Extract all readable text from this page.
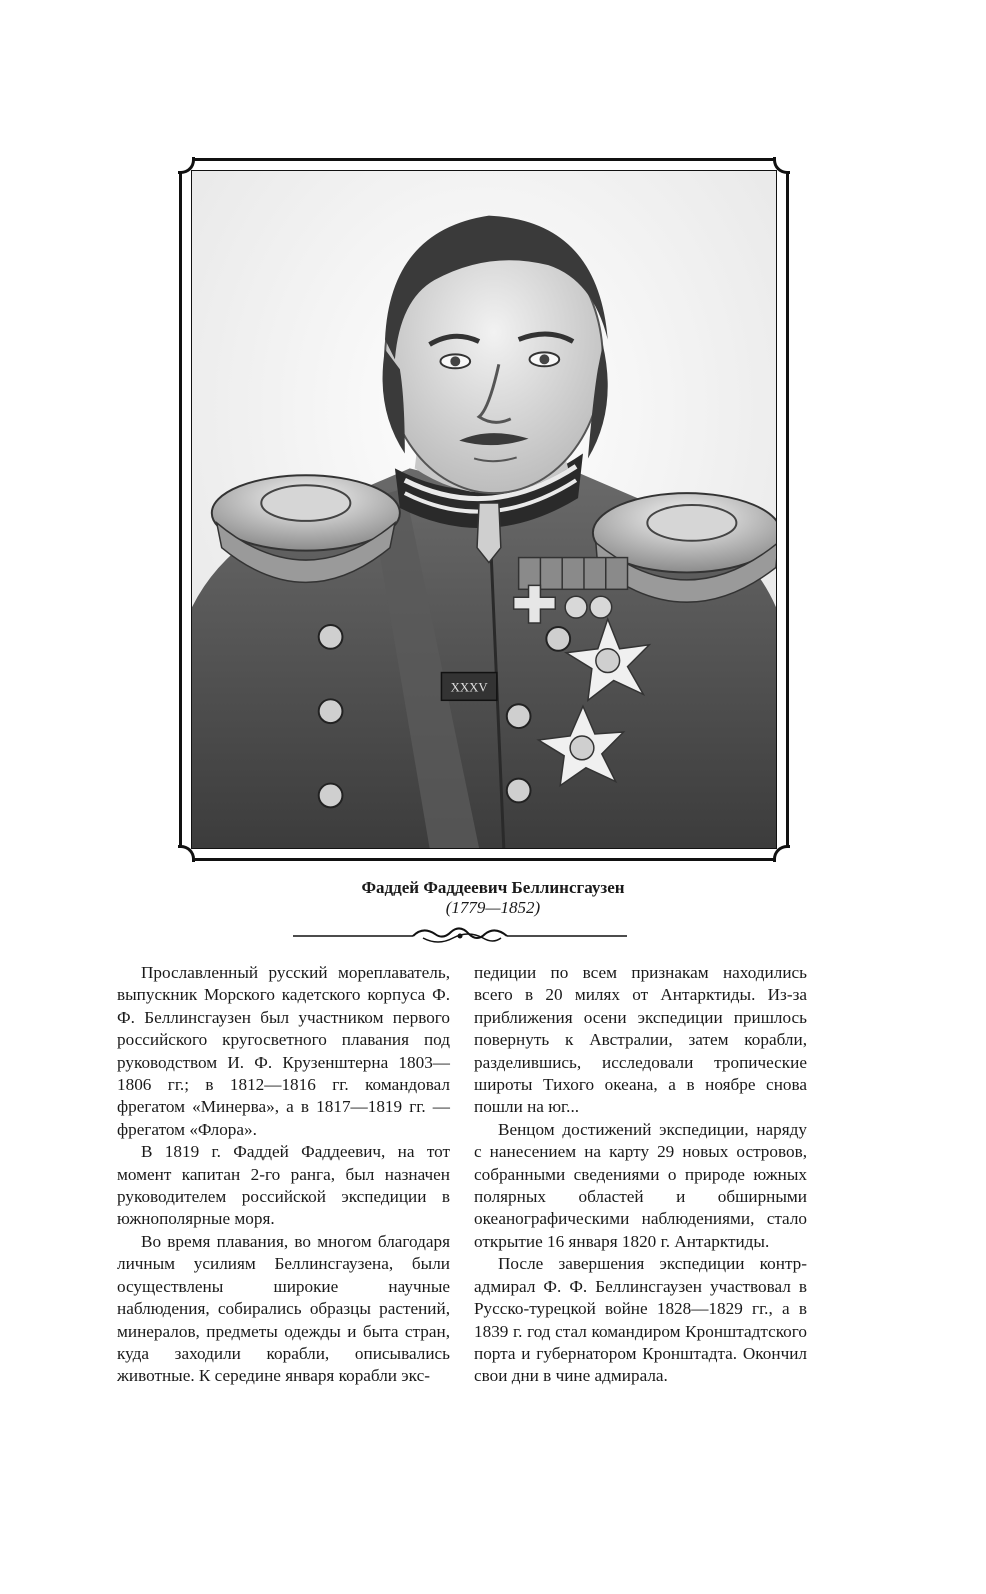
XXXV
Фаддей Фаддеевич Беллинсгаузен
(1779—1852)

Прославленный русский мореплаватель, выпускник Морского кадетского корпуса Ф. Ф. Беллинсгаузен был участником первого российского кругосветного плавания под руководством И. Ф. Крузенштерна 1803—1806 гг.; в 1812—1816 гг. командовал фрегатом «Минерва», а в 1817—1819 гг. — фрегатом «Флора».

В 1819 г. Фаддей Фаддеевич, на тот момент капитан 2-го ранга, был назначен руководителем российской экспедиции в южнополярные моря.

Во время плавания, во многом благодаря личным усилиям Беллинсгаузена, были осуществлены широкие научные наблюдения, собирались образцы растений, минералов, предметы одежды и быта стран, куда заходили корабли, описывались животные. К середине января корабли экс-

педиции по всем признакам находились всего в 20 милях от Антарктиды. Из-за приближения осени экспедиции пришлось повернуть к Австралии, затем корабли, разделившись, исследовали тропические широты Тихого океана, а в ноябре снова пошли на юг...

Венцом достижений экспедиции, наряду с нанесением на карту 29 новых островов, собранными сведениями о природе южных полярных областей и обширными океанографическими наблюдениями, стало открытие 16 января 1820 г. Антарктиды.

После завершения экспедиции контр-адмирал Ф. Ф. Беллинсгаузен участвовал в Русско-турецкой войне 1828—1829 гг., а в 1839 г. год стал командиром Кронштадтского порта и губернатором Кронштадта. Окончил свои дни в чине адмирала.
